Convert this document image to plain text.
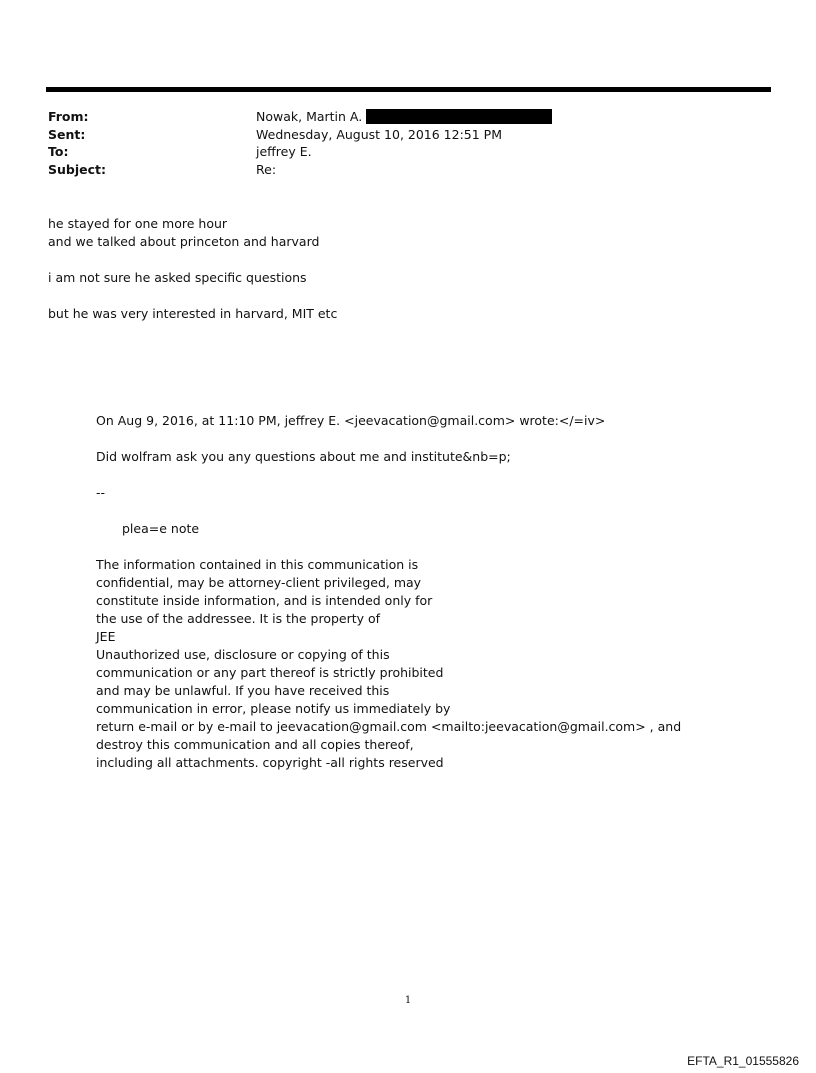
From:	Nowak, Martin A.
Sent:	Wednesday, August 10, 2016 12:51 PM
To:	jeffrey E.
Subject:	Re:

he stayed for one more hour

and we talked about princeton and harvard

i am not sure he asked specific questions

but he was very interested in harvard, MIT etc

On Aug 9, 2016, at 11:10 PM, jeffrey E. <jeevacation@gmail.com> wrote:</=iv>

Did wolfram ask you any questions about me and institute&nb=p;

--

plea=e note

The information contained in this communication is

confidential, may be attorney-client privileged, may

constitute inside information, and is intended only for

the use of the addressee. It is the property of

JEE

Unauthorized use, disclosure or copying of this

communication or any part thereof is strictly prohibited

and may be unlawful. If you have received this

communication in error, please notify us immediately by

return e-mail or by e-mail to jeevacation@gmail.com <mailto:jeevacation@gmail.com> , and

destroy this communication and all copies thereof,

including all attachments. copyright -all rights reserved

1
EFTA_R1_01555826
